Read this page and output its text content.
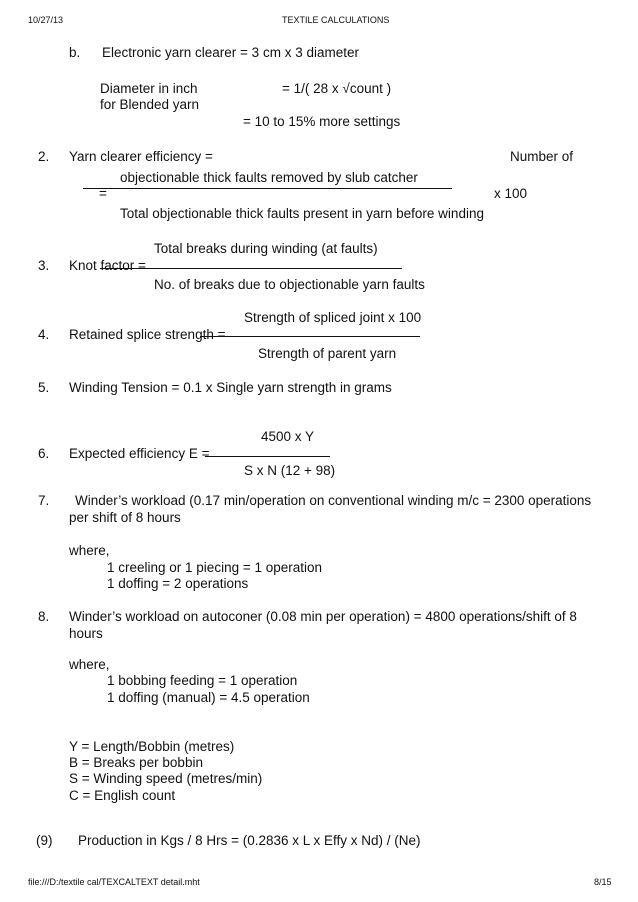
10/27/13	TEXTILE CALCULATIONS
b. Electronic yarn clearer = 3 cm x 3 diameter
Diameter in inch	= 1/( 28 x √count )
for Blended yarn
= 10 to 15% more settings
2. Yarn clearer efficiency =	Number of
objectionable thick faults removed by slub catcher
=	x 100
Total objectionable thick faults present in yarn before winding
Total breaks during winding (at faults)
3. Knot factor =
No. of breaks due to objectionable yarn faults
Strength of spliced joint x 100
4. Retained splice strength =
Strength of parent yarn
5. Winding Tension = 0.1 x Single yarn strength in grams
4500 x Y
6. Expected efficiency E =
S x N (12 + 98)
7. Winder’s workload (0.17 min/operation on conventional winding m/c = 2300 operations
per shift of 8 hours
where,
1 creeling or 1 piecing = 1 operation
1 doffing = 2 operations
8. Winder’s workload on autoconer (0.08 min per operation) = 4800 operations/shift of 8
hours
where,
1 bobbing feeding = 1 operation
1 doffing (manual) = 4.5 operation
Y = Length/Bobbin (metres)
B = Breaks per bobbin
S = Winding speed (metres/min)
C = English count
(9) Production in Kgs / 8 Hrs = (0.2836 x L x Effy x Nd) / (Ne)
file:///D:/textile cal/TEXCALTEXT detail.mht	8/15
